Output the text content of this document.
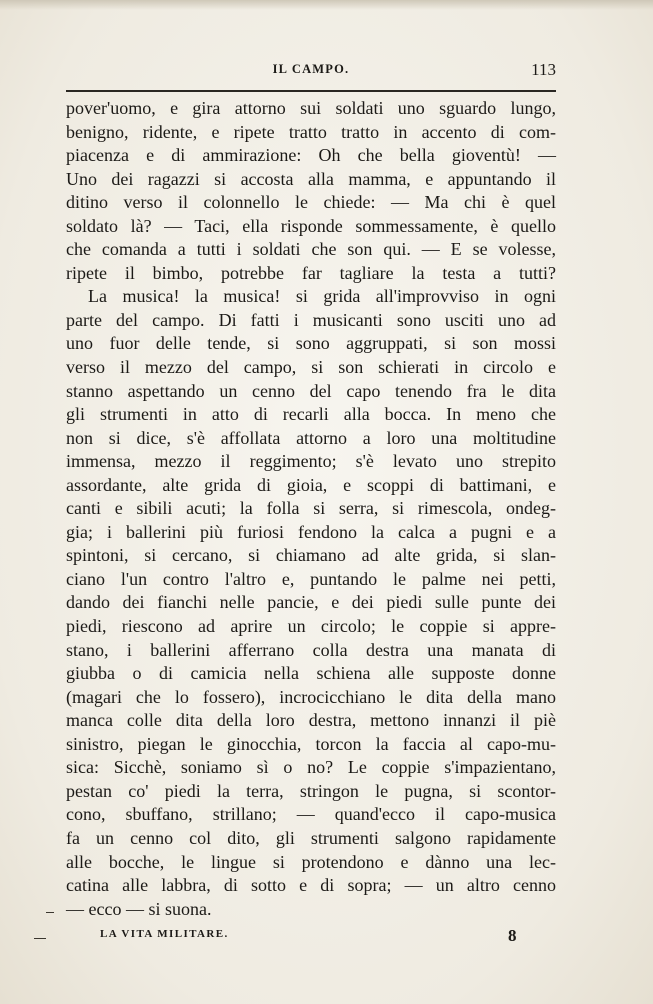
IL CAMPO.	113
pover'uomo, e gira attorno sui soldati uno sguardo lungo,
benigno, ridente, e ripete tratto tratto in accento di com-
piacenza e di ammirazione: Oh che bella gioventù! —
Uno dei ragazzi si accosta alla mamma, e appuntando il
ditino verso il colonnello le chiede: — Ma chi è quel
soldato là? — Taci, ella risponde sommessamente, è quello
che comanda a tutti i soldati che son qui. — E se volesse,
ripete il bimbo, potrebbe far tagliare la testa a tutti?
La musica! la musica! si grida all'improvviso in ogni
parte del campo. Di fatti i musicanti sono usciti uno ad
uno fuor delle tende, si sono aggruppati, si son mossi
verso il mezzo del campo, si son schierati in circolo e
stanno aspettando un cenno del capo tenendo fra le dita
gli strumenti in atto di recarli alla bocca. In meno che
non si dice, s'è affollata attorno a loro una moltitudine
immensa, mezzo il reggimento; s'è levato uno strepito
assordante, alte grida di gioia, e scoppi di battimani, e
canti e sibili acuti; la folla si serra, si rimescola, ondeg-
gia; i ballerini più furiosi fendono la calca a pugni e a
spintoni, si cercano, si chiamano ad alte grida, si slan-
ciano l'un contro l'altro e, puntando le palme nei petti,
dando dei fianchi nelle pancie, e dei piedi sulle punte dei
piedi, riescono ad aprire un circolo; le coppie si appre-
stano, i ballerini afferrano colla destra una manata di
giubba o di camicia nella schiena alle supposte donne
(magari che lo fossero), incrocicchiano le dita della mano
manca colle dita della loro destra, mettono innanzi il piè
sinistro, piegan le ginocchia, torcon la faccia al capo-mu-
sica: Sicchè, soniamo sì o no? Le coppie s'impazientano,
pestan co' piedi la terra, stringon le pugna, si scontor-
cono, sbuffano, strillano; — quand'ecco il capo-musica
fa un cenno col dito, gli strumenti salgono rapidamente
alle bocche, le lingue si protendono e dànno una lec-
catina alle labbra, di sotto e di sopra; — un altro cenno
— ecco — si suona.
LA VITA MILITARE.	8
